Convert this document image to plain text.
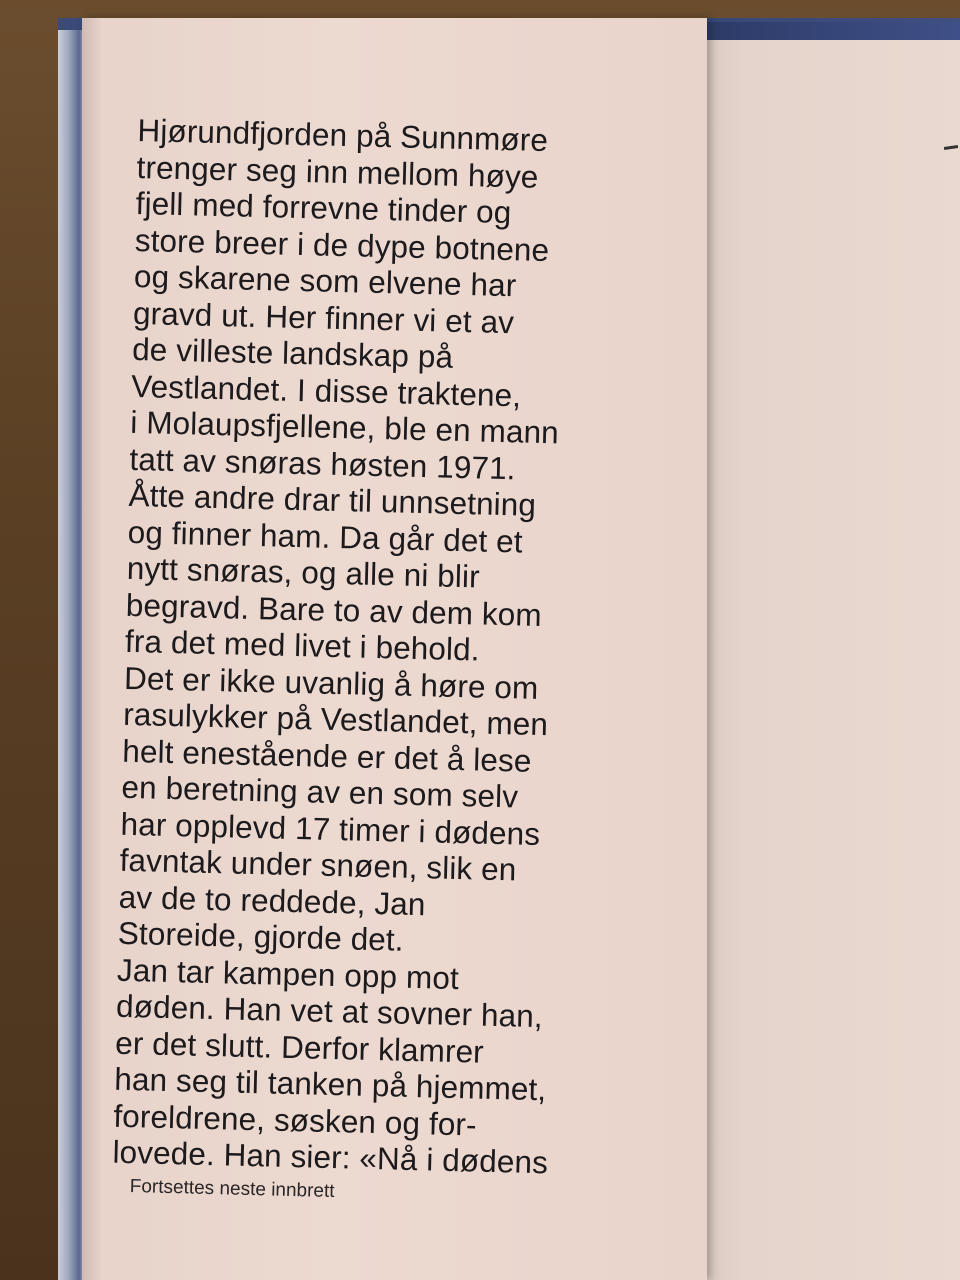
Hjørundfjorden på Sunnmøre
trenger seg inn mellom høye
fjell med forrevne tinder og
store breer i de dype botnene
og skarene som elvene har
gravd ut. Her finner vi et av
de villeste landskap på
Vestlandet. I disse traktene,
i Molaupsfjellene, ble en mann
tatt av snøras høsten 1971.
Åtte andre drar til unnsetning
og finner ham. Da går det et
nytt snøras, og alle ni blir
begravd. Bare to av dem kom
fra det med livet i behold.
Det er ikke uvanlig å høre om
rasulykker på Vestlandet, men
helt enestående er det å lese
en beretning av en som selv
har opplevd 17 timer i dødens
favntak under snøen, slik en
av de to reddede, Jan
Storeide, gjorde det.
Jan tar kampen opp mot
døden. Han vet at sovner han,
er det slutt. Derfor klamrer
han seg til tanken på hjemmet,
foreldrene, søsken og for-
lovede. Han sier: «Nå i dødens
Fortsettes neste innbrett
